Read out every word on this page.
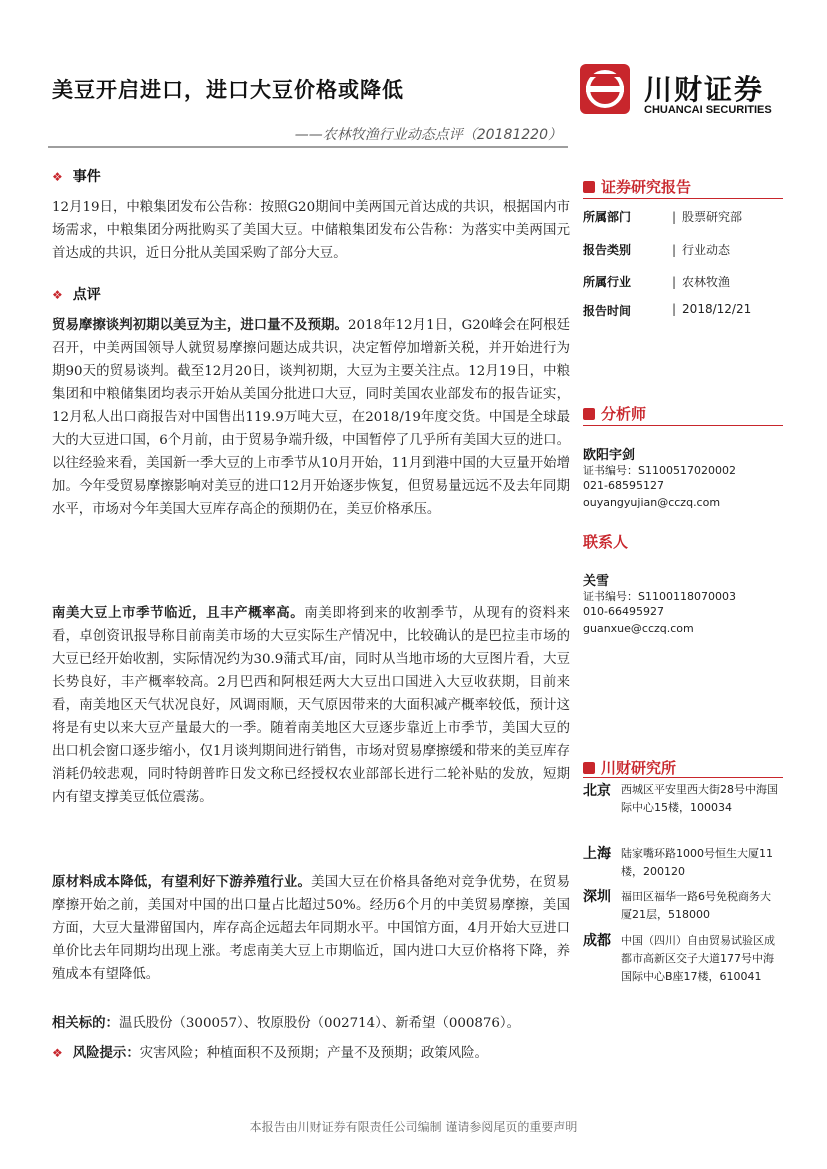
美豆开启进口，进口大豆价格或降低
——农林牧渔行业动态点评（20181220）
川财证券
CHUANCAI SECURITIES
❖ 事件
12月19日，中粮集团发布公告称：按照G20期间中美两国元首达成的共识，根据国内市场需求，中粮集团分两批购买了美国大豆。中储粮集团发布公告称：为落实中美两国元首达成的共识，近日分批从美国采购了部分大豆。
❖ 点评
贸易摩擦谈判初期以美豆为主，进口量不及预期。2018年12月1日，G20峰会在阿根廷召开，中美两国领导人就贸易摩擦问题达成共识，决定暂停加增新关税，并开始进行为期90天的贸易谈判。截至12月20日，谈判初期，大豆为主要关注点。12月19日，中粮集团和中粮储集团均表示开始从美国分批进口大豆，同时美国农业部发布的报告证实，12月私人出口商报告对中国售出119.9万吨大豆，在2018/19年度交货。中国是全球最大的大豆进口国，6个月前，由于贸易争端升级，中国暂停了几乎所有美国大豆的进口。以往经验来看，美国新一季大豆的上市季节从10月开始，11月到港中国的大豆量开始增加。今年受贸易摩擦影响对美豆的进口12月开始逐步恢复，但贸易量远远不及去年同期水平，市场对今年美国大豆库存高企的预期仍在，美豆价格承压。
南美大豆上市季节临近，且丰产概率高。南美即将到来的收割季节，从现有的资料来看，卓创资讯报导称目前南美市场的大豆实际生产情况中，比较确认的是巴拉圭市场的大豆已经开始收割，实际情况约为30.9蒲式耳/亩，同时从当地市场的大豆图片看，大豆长势良好，丰产概率较高。2月巴西和阿根廷两大大豆出口国进入大豆收获期，目前来看，南美地区天气状况良好，风调雨顺，天气原因带来的大面积减产概率较低，预计这将是有史以来大豆产量最大的一季。随着南美地区大豆逐步靠近上市季节，美国大豆的出口机会窗口逐步缩小，仅1月谈判期间进行销售，市场对贸易摩擦缓和带来的美豆库存消耗仍较悲观，同时特朗普昨日发文称已经授权农业部部长进行二轮补贴的发放，短期内有望支撑美豆低位震荡。
原材料成本降低，有望利好下游养殖行业。美国大豆在价格具备绝对竞争优势，在贸易摩擦开始之前，美国对中国的出口量占比超过50%。经历6个月的中美贸易摩擦，美国方面，大豆大量滞留国内，库存高企远超去年同期水平。中国馆方面，4月开始大豆进口单价比去年同期均出现上涨。考虑南美大豆上市期临近，国内进口大豆价格将下降，养殖成本有望降低。
相关标的：温氏股份（300057）、牧原股份（002714）、新希望（000876）。
❖ 风险提示：灾害风险；种植面积不及预期；产量不及预期；政策风险。
证券研究报告
所属部门	| 股票研究部
报告类别	| 行业动态
所属行业	| 农林牧渔
报告时间	| 2018/12/21
分析师
欧阳宇剑
证书编号：S1100517020002
021-68595127
ouyangyujian@cczq.com
联系人
关雪
证书编号：S1100118070003
010-66495927
guanxue@cczq.com
川财研究所
北京 西城区平安里西大街28号中海国际中心15楼，100034
上海 陆家嘴环路1000号恒生大厦11楼，200120
深圳 福田区福华一路6号免税商务大厦21层，518000
成都 中国（四川）自由贸易试验区成都市高新区交子大道177号中海国际中心B座17楼，610041
本报告由川财证券有限责任公司编制 谨请参阅尾页的重要声明
